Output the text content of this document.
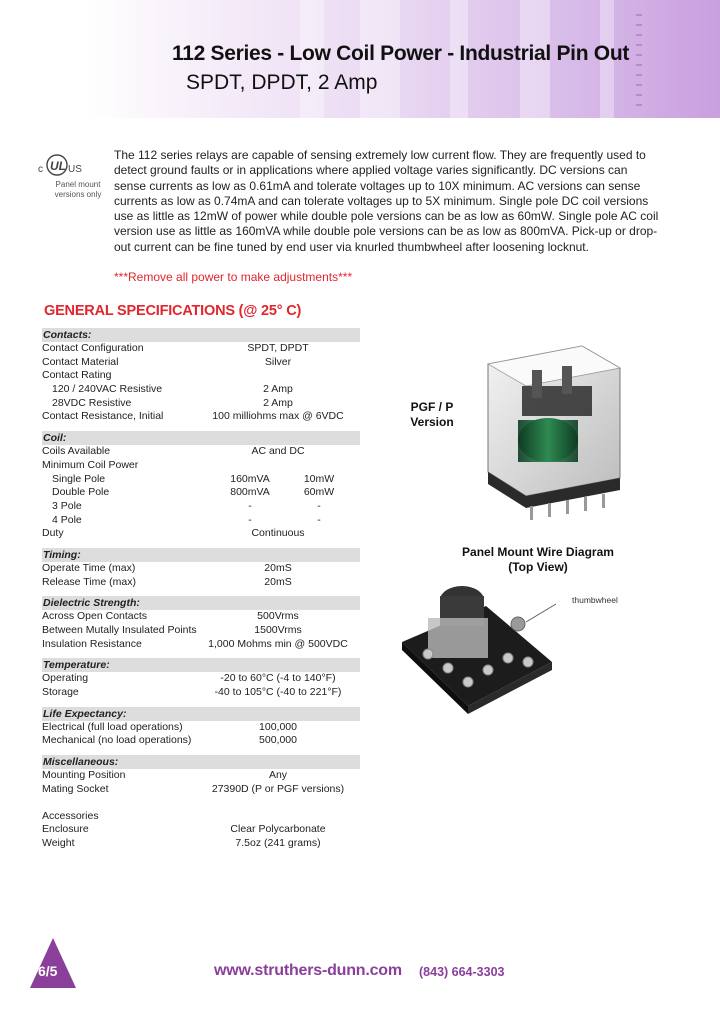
112 Series - Low Coil Power - Industrial Pin Out
SPDT, DPDT, 2 Amp
c UL US
Panel mount versions only
The 112 series relays are capable of sensing extremely low current flow. They are frequently used to detect ground faults or in applications where applied voltage varies significantly. DC versions can sense currents as low as 0.61mA and tolerate voltages up to 10X minimum. AC versions can sense currents as low as 0.74mA and can tolerate voltages up to 5X minimum. Single pole DC coil versions use as little as 12mW of power while double pole versions can be as low as 60mW. Single pole AC coil version use as little as 160mVA while double pole versions can be as low as 800mVA. Pick-up or drop-out current can be fine tuned by end user via knurled thumbwheel after loosening locknut.
***Remove all power to make adjustments***
GENERAL SPECIFICATIONS (@ 25° C)
Contacts:
Contact Configuration	SPDT, DPDT
Contact Material	Silver
Contact Rating
120 / 240VAC Resistive	2 Amp
28VDC Resistive	2 Amp
Contact Resistance, Initial	100 milliohms max @ 6VDC
Coil:
Coils Available	AC and DC
Minimum Coil Power
Single Pole	160mVA	10mW
Double Pole	800mVA	60mW
3 Pole	-	-
4 Pole	-	-
Duty	Continuous
Timing:
Operate Time (max)	20mS
Release Time (max)	20mS
Dielectric Strength:
Across Open Contacts	500Vrms
Between Mutally Insulated Points	1500Vrms
Insulation Resistance	1,000 Mohms min @ 500VDC
Temperature:
Operating	-20 to 60°C (-4 to 140°F)
Storage	-40 to 105°C (-40 to 221°F)
Life Expectancy:
Electrical (full load operations)	100,000
Mechanical (no load operations)	500,000
Miscellaneous:
Mounting Position	Any
Mating Socket	27390D (P or PGF versions)
Accessories
Enclosure	Clear Polycarbonate
Weight	7.5oz (241 grams)
PGF / P
Version
Panel Mount Wire Diagram
(Top View)
thumbwheel
6/5	www.struthers-dunn.com (843) 664-3303
